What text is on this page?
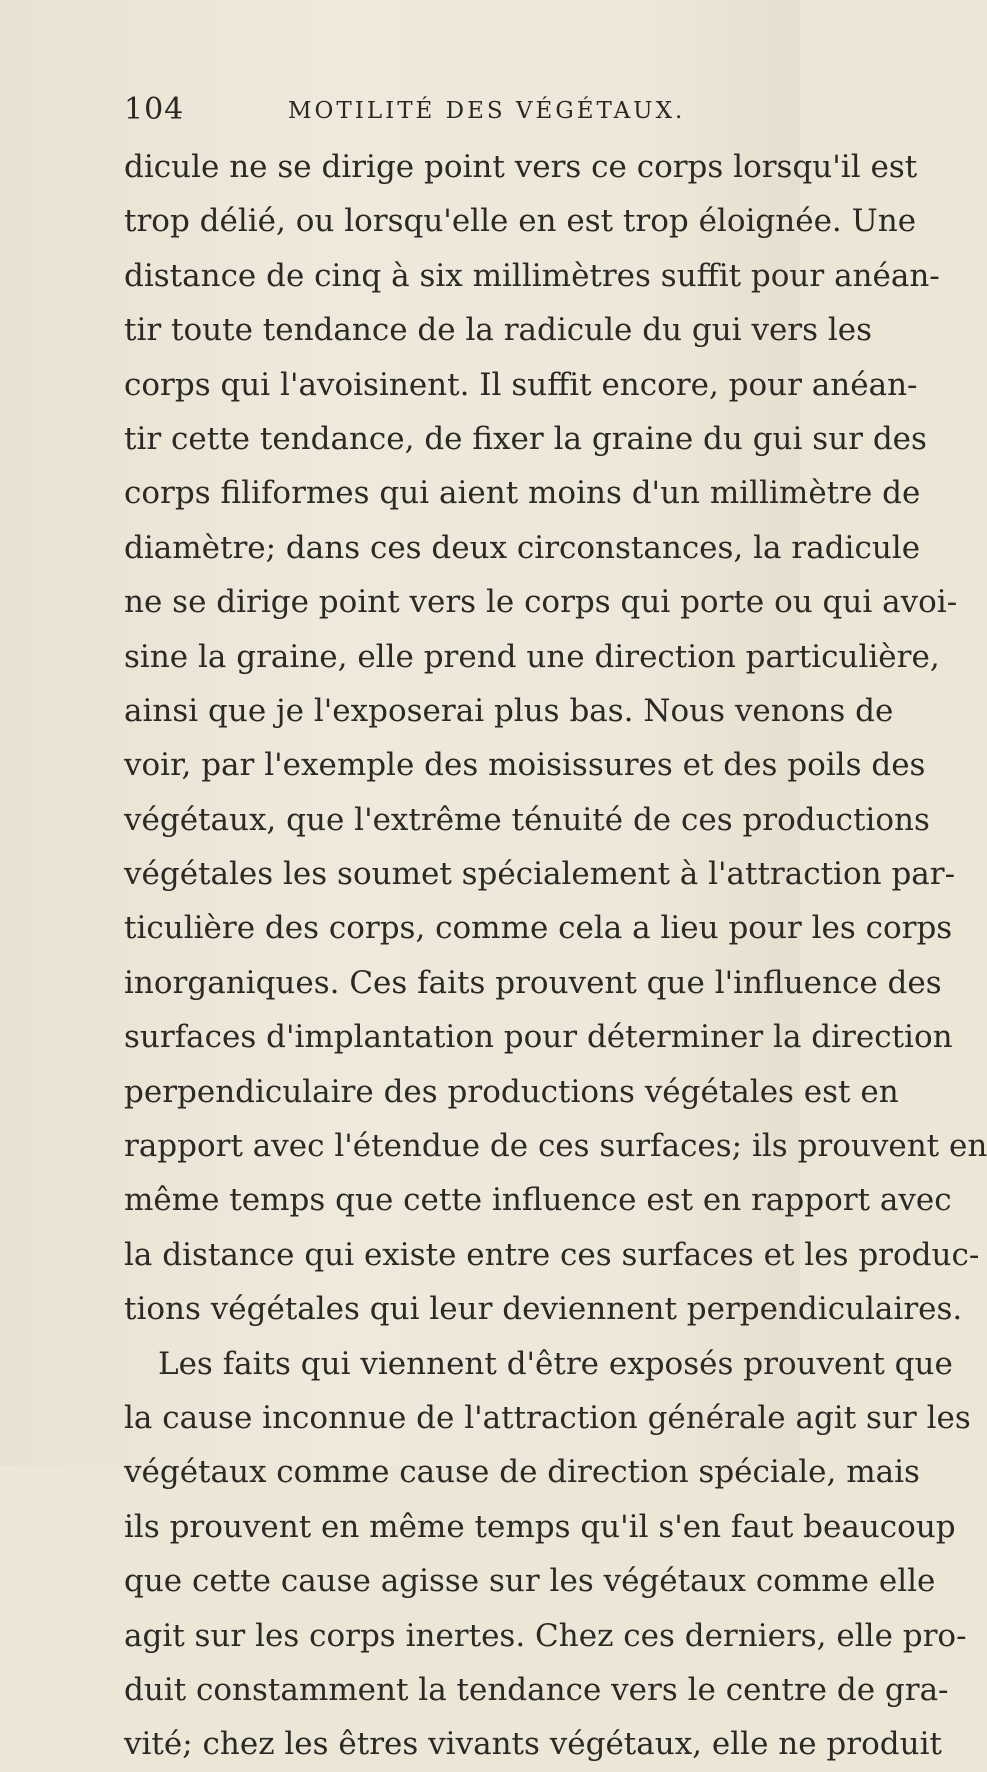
104	MOTILITÉ DES VÉGÉTAUX.
dicule ne se dirige point vers ce corps lorsqu'il est
trop délié, ou lorsqu'elle en est trop éloignée. Une
distance de cinq à six millimètres suffit pour anéan-
tir toute tendance de la radicule du gui vers les
corps qui l'avoisinent. Il suffit encore, pour anéan-
tir cette tendance, de fixer la graine du gui sur des
corps filiformes qui aient moins d'un millimètre de
diamètre; dans ces deux circonstances, la radicule
ne se dirige point vers le corps qui porte ou qui avoi-
sine la graine, elle prend une direction particulière,
ainsi que je l'exposerai plus bas. Nous venons de
voir, par l'exemple des moisissures et des poils des
végétaux, que l'extrême ténuité de ces productions
végétales les soumet spécialement à l'attraction par-
ticulière des corps, comme cela a lieu pour les corps
inorganiques. Ces faits prouvent que l'influence des
surfaces d'implantation pour déterminer la direction
perpendiculaire des productions végétales est en
rapport avec l'étendue de ces surfaces; ils prouvent en
même temps que cette influence est en rapport avec
la distance qui existe entre ces surfaces et les produc-
tions végétales qui leur deviennent perpendiculaires.
Les faits qui viennent d'être exposés prouvent que
la cause inconnue de l'attraction générale agit sur les
végétaux comme cause de direction spéciale, mais
ils prouvent en même temps qu'il s'en faut beaucoup
que cette cause agisse sur les végétaux comme elle
agit sur les corps inertes. Chez ces derniers, elle pro-
duit constamment la tendance vers le centre de gra-
vité; chez les êtres vivants végétaux, elle ne produit
